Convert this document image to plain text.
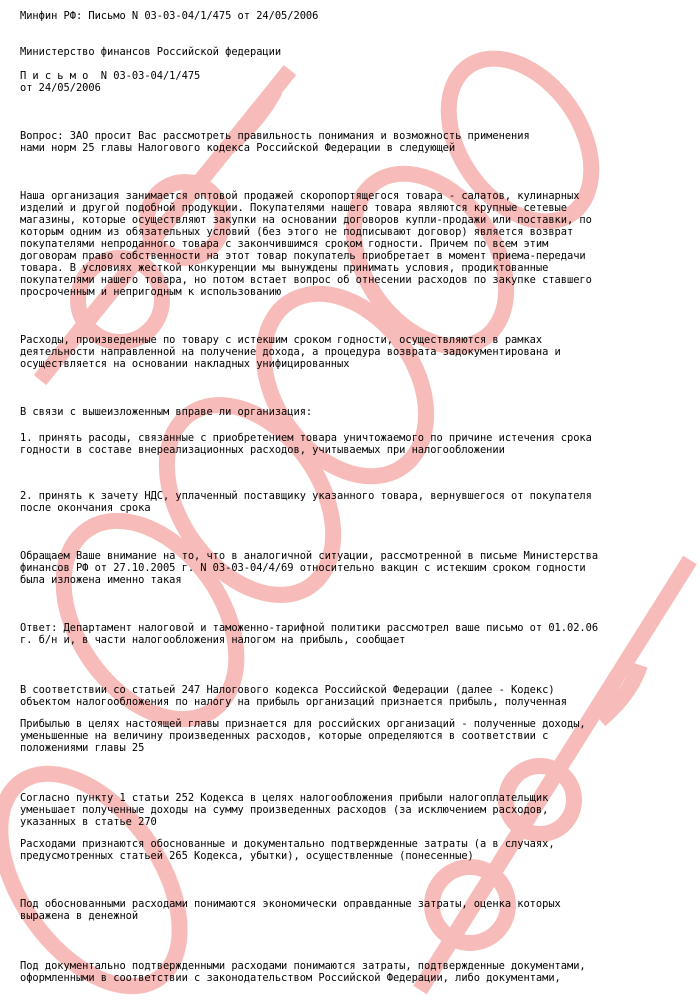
Минфин РФ: Письмо N 03-03-04/1/475 от 24/05/2006
Министерство финансов Российской федерации
П и с ь м о  N 03-03-04/1/475
от 24/05/2006
Вопрос: ЗАО просит Вас рассмотреть правильность понимания и возможность применения
нами норм 25 главы Налогового кодекса Российской Федерации в следующей
Наша организация занимается оптовой продажей скоропортящегося товара - салатов, кулинарных
изделий и другой подобной продукции. Покупателями нашего товара являются крупные сетевые
магазины, которые осуществляют закупки на основании договоров купли-продажи или поставки, по
которым одним из обязательных условий (без этого не подписывают договор) является возврат
покупателями непроданного товара с закончившимся сроком годности. Причем по всем этим
договорам право собственности на этот товар покупатель приобретает в момент приема-передачи
товара. В условиях жесткой конкуренции мы вынуждены принимать условия, продиктованные
покупателями нашего товара, но потом встает вопрос об отнесении расходов по закупке ставшего
просроченным и непригодным к использованию
Расходы, произведенные по товару с истекшим сроком годности, осуществляются в рамках
деятельности направленной на получение дохода, а процедура возврата задокументирована и
осуществляется на основании накладных унифицированных
В связи с вышеизложенным вправе ли организация:
1. принять расоды, связанные с приобретением товара уничтожаемого по причине истечения срока
годности в составе внереализационных расходов, учитываемых при налогообложении
2. принять к зачету НДС, уплаченный поставщику указанного товара, вернувшегося от покупателя
после окончания срока
Обращаем Ваше внимание на то, что в аналогичной ситуации, рассмотренной в письме Министерства
финансов РФ от 27.10.2005 г. N 03-03-04/4/69 относительно вакцин с истекшим сроком годности
была изложена именно такая
Ответ: Департамент налоговой и таможенно-тарифной политики рассмотрел ваше письмо от 01.02.06
г. б/н и, в части налогообложения налогом на прибыль, сообщает
В соответствии со статьей 247 Налогового кодекса Российской Федерации (далее - Кодекс)
объектом налогообложения по налогу на прибыль организаций признается прибыль, полученная
Прибылью в целях настоящей главы признается для российских организаций - полученные доходы,
уменьшенные на величину произведенных расходов, которые определяются в соответствии с
положениями главы 25
Согласно пункту 1 статьи 252 Кодекса в целях налогообложения прибыли налогоплательщик
уменьшает полученные доходы на сумму произведенных расходов (за исключением расходов,
указанных в статье 270
Расходами признаются обоснованные и документально подтвержденные затраты (а в случаях,
предусмотренных статьей 265 Кодекса, убытки), осуществленные (понесенные)
Под обоснованными расходами понимаются экономически оправданные затраты, оценка которых
выражена в денежной
Под документально подтвержденными расходами понимаются затраты, подтвержденные документами,
оформленными в соответствии с законодательством Российской Федерации, либо документами,
